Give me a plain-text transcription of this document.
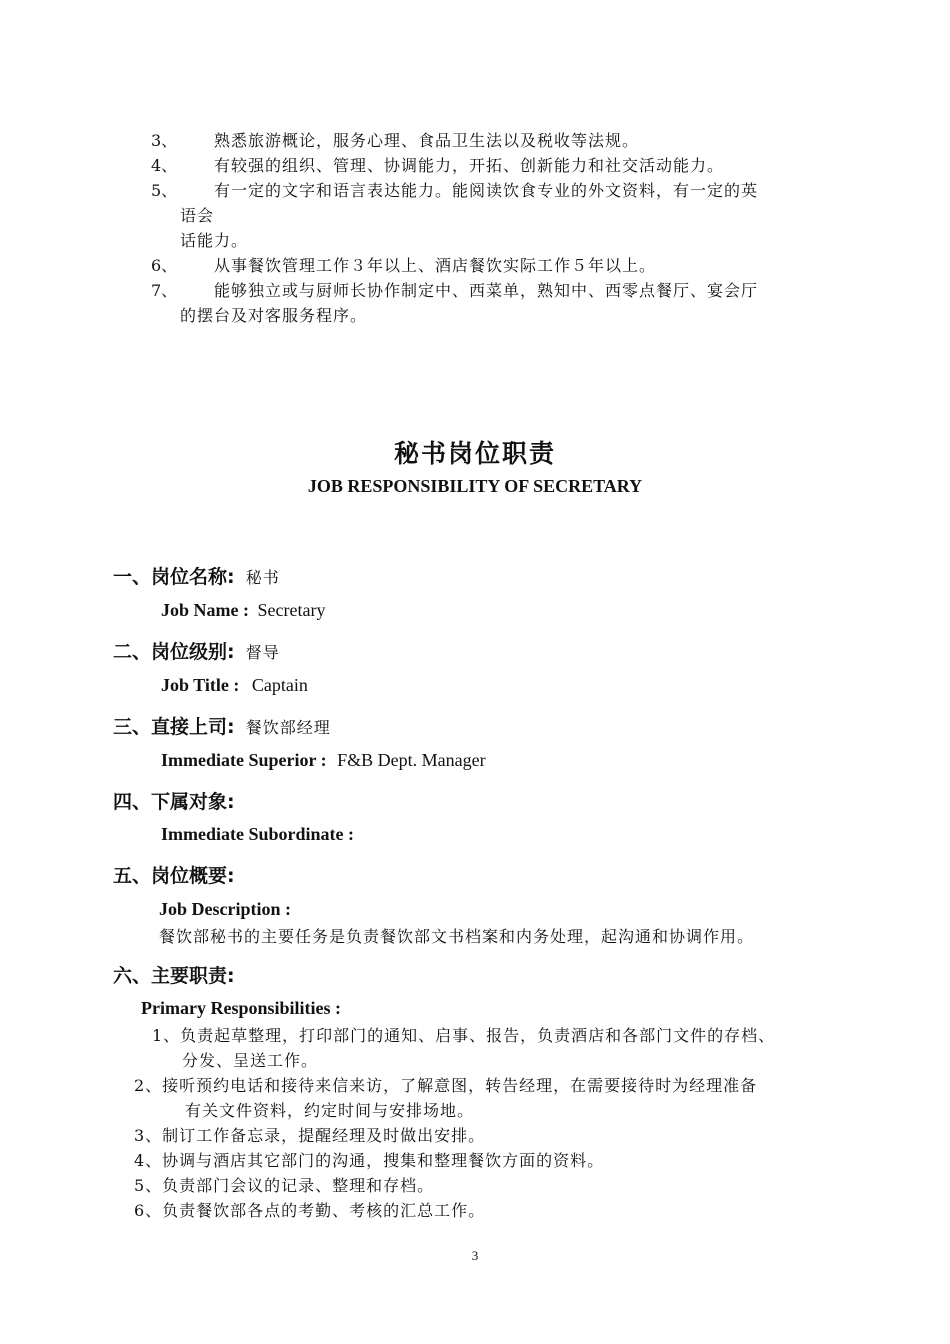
3、 熟悉旅游概论，服务心理、食品卫生法以及税收等法规。
4、 有较强的组织、管理、协调能力，开拓、创新能力和社交活动能力。
5、 有一定的文字和语言表达能力。能阅读饮食专业的外文资料，有一定的英
语会
话能力。
6、 从事餐饮管理工作３年以上、酒店餐饮实际工作５年以上。
7、 能够独立或与厨师长协作制定中、西菜单，熟知中、西零点餐厅、宴会厅
的摆台及对客服务程序。
秘书岗位职责
JOB RESPONSIBILITY OF SECRETARY
一、岗位名称: 秘书
Job Name : Secretary
二、岗位级别: 督导
Job Title : Captain
三、直接上司: 餐饮部经理
Immediate Superior : F&B Dept. Manager
四、下属对象:
Immediate Subordinate :
五、岗位概要:
Job Description :
餐饮部秘书的主要任务是负责餐饮部文书档案和内务处理，起沟通和协调作用。
六、主要职责:
Primary Responsibilities :
1、负责起草整理，打印部门的通知、启事、报告，负责酒店和各部门文件的存档、
分发、呈送工作。
2、接听预约电话和接待来信来访，了解意图，转告经理，在需要接待时为经理准备
有关文件资料，约定时间与安排场地。
3、制订工作备忘录，提醒经理及时做出安排。
4、协调与酒店其它部门的沟通，搜集和整理餐饮方面的资料。
5、负责部门会议的记录、整理和存档。
6、负责餐饮部各点的考勤、考核的汇总工作。
3
